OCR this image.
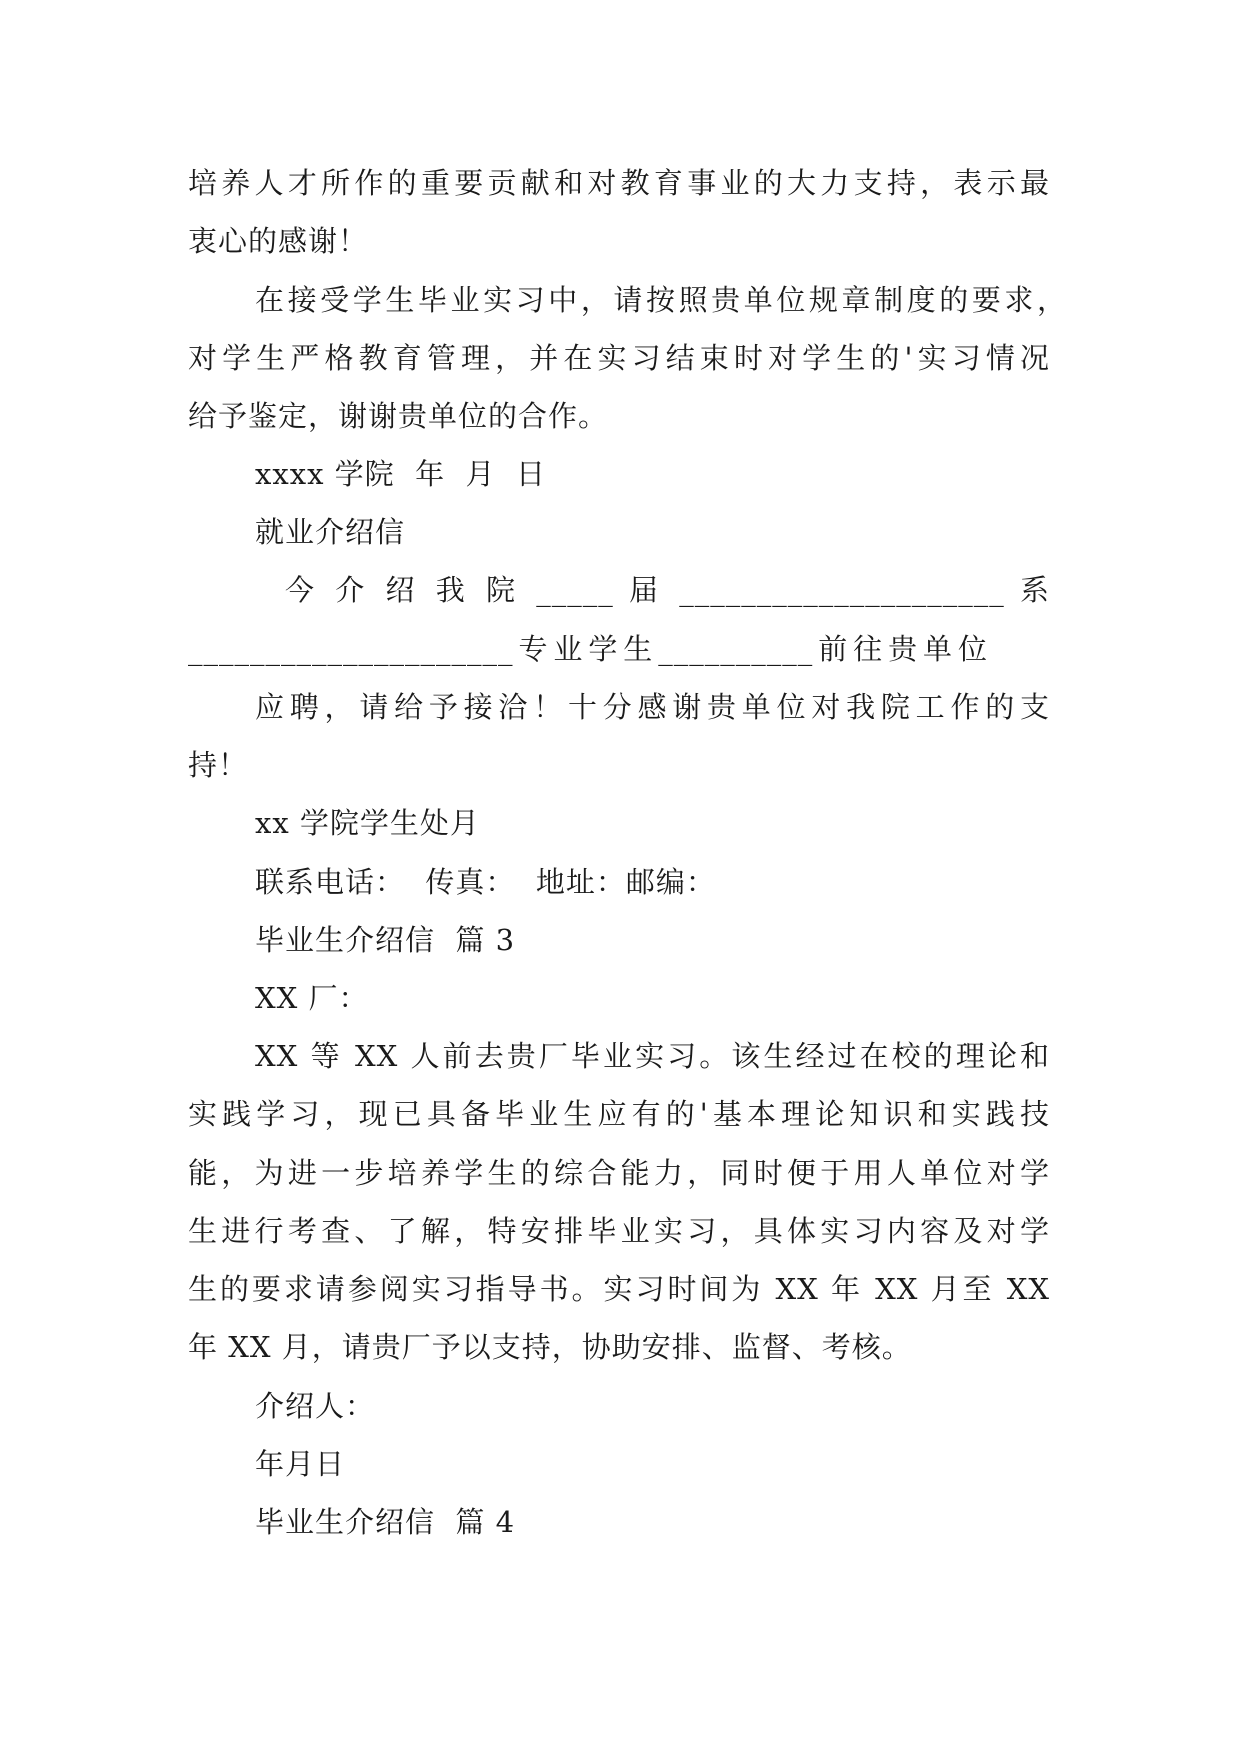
培养人才所作的重要贡献和对教育事业的大力支持，表示最
衷心的感谢！
在接受学生毕业实习中，请按照贵单位规章制度的要求，
对学生严格教育管理，并在实习结束时对学生的'实习情况
给予鉴定，谢谢贵单位的合作。
xxxx 学院  年  月  日
就业介绍信
今 介 绍 我 院 _____ 届 _____________________ 系
_____________________专业学生__________前往贵单位
应聘，请给予接洽！十分感谢贵单位对我院工作的支
持！
xx 学院学生处月
联系电话：  传真：  地址：邮编：
毕业生介绍信  篇 3
XX 厂：
XX 等 XX 人前去贵厂毕业实习。该生经过在校的理论和
实践学习，现已具备毕业生应有的'基本理论知识和实践技
能，为进一步培养学生的综合能力，同时便于用人单位对学
生进行考查、了解，特安排毕业实习，具体实习内容及对学
生的要求请参阅实习指导书。实习时间为 XX 年 XX 月至 XX
年 XX 月，请贵厂予以支持，协助安排、监督、考核。
介绍人：
年月日
毕业生介绍信  篇 4
